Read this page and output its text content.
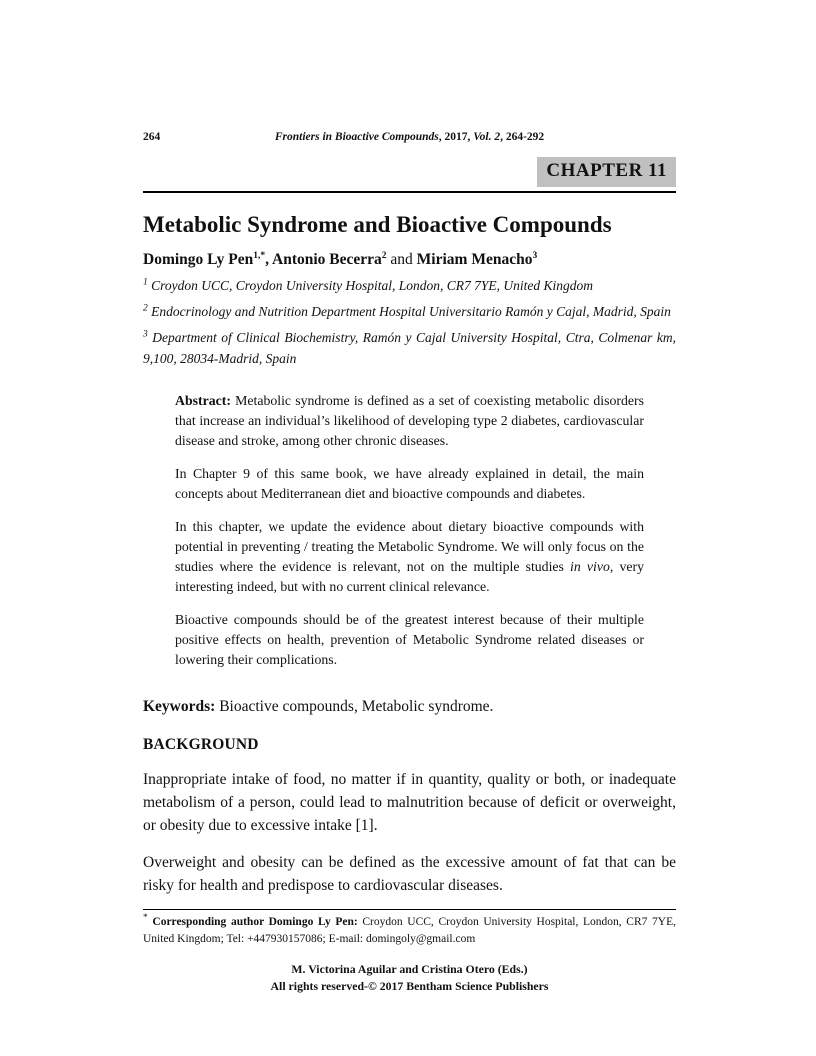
264	Frontiers in Bioactive Compounds, 2017, Vol. 2, 264-292
CHAPTER 11
Metabolic Syndrome and Bioactive Compounds

Domingo Ly Pen$^{1,*}$, Antonio Becerra$^2$ and Miriam Menacho$^3$

$^1$ Croydon UCC, Croydon University Hospital, London, CR7 7YE, United Kingdom

$^2$ Endocrinology and Nutrition Department Hospital Universitario Ramón y Cajal, Madrid, Spain

$^3$ Department of Clinical Biochemistry, Ramón y Cajal University Hospital, Ctra, Colmenar km, 9,100, 28034-Madrid, Spain

Abstract: Metabolic syndrome is defined as a set of coexisting metabolic disorders that increase an individual’s likelihood of developing type 2 diabetes, cardiovascular disease and stroke, among other chronic diseases.

In Chapter 9 of this same book, we have already explained in detail, the main concepts about Mediterranean diet and bioactive compounds and diabetes.

In this chapter, we update the evidence about dietary bioactive compounds with potential in preventing / treating the Metabolic Syndrome. We will only focus on the studies where the evidence is relevant, not on the multiple studies in vivo, very interesting indeed, but with no current clinical relevance.

Bioactive compounds should be of the greatest interest because of their multiple positive effects on health, prevention of Metabolic Syndrome related diseases or lowering their complications.

Keywords: Bioactive compounds, Metabolic syndrome.

BACKGROUND

Inappropriate intake of food, no matter if in quantity, quality or both, or inadequate metabolism of a person, could lead to malnutrition because of deficit or overweight, or obesity due to excessive intake [1].

Overweight and obesity can be defined as the excessive amount of fat that can be risky for health and predispose to cardiovascular diseases.

* Corresponding author Domingo Ly Pen: Croydon UCC, Croydon University Hospital, London, CR7 7YE, United Kingdom; Tel: +447930157086; E-mail: domingoly@gmail.com

M. Victorina Aguilar and Cristina Otero (Eds.)
All rights reserved-© 2017 Bentham Science Publishers
